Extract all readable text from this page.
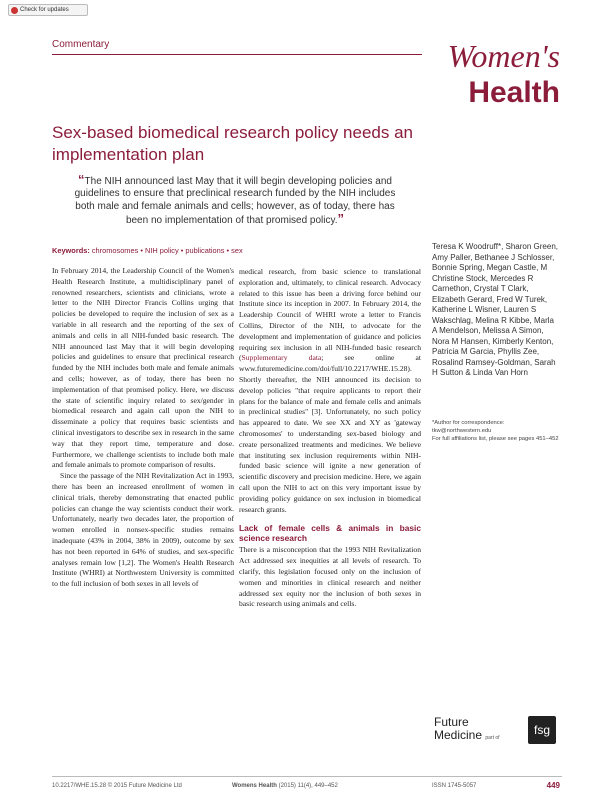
Check for updates
Commentary	Women's
Health
Sex-based biomedical research policy needs an implementation plan
“The NIH announced last May that it will begin developing policies and guidelines to ensure that preclinical research funded by the NIH includes both male and female animals and cells; however, as of today, there has been no implementation of that promised policy.”
Keywords: chromosomes • NIH policy • publications • sex	Teresa K Woodruff*, Sharon Green, Amy Paller, Bethanee J Schlosser, Bonnie Spring, Megan Castle, M Christine Stock, Mercedes R Carnethon, Crystal T Clark, Elizabeth Gerard, Fred W Turek, Katherine L Wisner, Lauren S Wakschlag, Melina R Kibbe, Marla A Mendelson, Melissa A Simon, Nora M Hansen, Kimberly Kenton, Patricia M Garcia, Phyllis Zee, Rosalind Ramsey-Goldman, Sarah H Sutton & Linda Van Horn
*Author for correspondence:
tkw@northwestern.edu
For full affiliations list, please see pages 451–452

In February 2014, the Leadership Council of the Women's Health Research Institute, a multidisciplinary panel of renowned researchers, scientists and clinicians, wrote a letter to the NIH Director Francis Collins urging that policies be developed to require the inclusion of sex as a variable in all research and the reporting of the sex of animals and cells in all NIH-funded basic research. The NIH announced last May that it will begin developing policies and guidelines to ensure that preclinical research funded by the NIH includes both male and female animals and cells; however, as of today, there has been no implementation of that promised policy. Here, we discuss the state of scientific inquiry related to sex/gender in biomedical research and again call upon the NIH to disseminate a policy that requires basic scientists and clinical investigators to describe sex in research in the same way that they report time, temperature and dose. Furthermore, we challenge scientists to include both male and female animals to promote comparison of results.

Since the passage of the NIH Revitalization Act in 1993, there has been an increased enrollment of women in clinical trials, thereby demonstrating that enacted public policies can change the way scientists conduct their work. Unfortunately, nearly two decades later, the proportion of women enrolled in nonsex-specific studies remains inadequate (43% in 2004, 38% in 2009), outcome by sex has not been reported in 64% of studies, and sex-specific analyses remain low [1,2]. The Women's Health Research Institute (WHRI) at Northwestern University is committed to the full inclusion of both sexes in all levels of

medical research, from basic science to translational exploration and, ultimately, to clinical research. Advocacy related to this issue has been a driving force behind our Institute since its inception in 2007. In February 2014, the Leadership Council of WHRI wrote a letter to Francis Collins, Director of the NIH, to advocate for the development and implementation of guidance and policies requiring sex inclusion in all NIH-funded basic research (Supplementary data; see online at www.futuremedicine.com/doi/full/10.2217/WHE.15.28). Shortly thereafter, the NIH announced its decision to develop policies "that require applicants to report their plans for the balance of male and female cells and animals in preclinical studies" [3]. Unfortunately, no such policy has appeared to date. We see XX and XY as 'gateway chromosomes' to understanding sex-based biology and create personalized treatments and medicines. We believe that instituting sex inclusion requirements within NIH-funded basic science will ignite a new generation of scientific discovery and precision medicine. Here, we again call upon the NIH to act on this very important issue by providing policy guidance on sex inclusion in biomedical research grants.

Lack of female cells & animals in basic science research

There is a misconception that the 1993 NIH Revitalization Act addressed sex inequities at all levels of research. To clarify, this legislation focused only on the inclusion of women and minorities in clinical research and neither addressed sex equity nor the inclusion of both sexes in basic research using animals and cells.

Future
Medicine part of
fsg
10.2217/WHE.15.28 © 2015 Future Medicine Ltd	Womens Health (2015) 11(4), 449–452	ISSN 1745-5057	449
